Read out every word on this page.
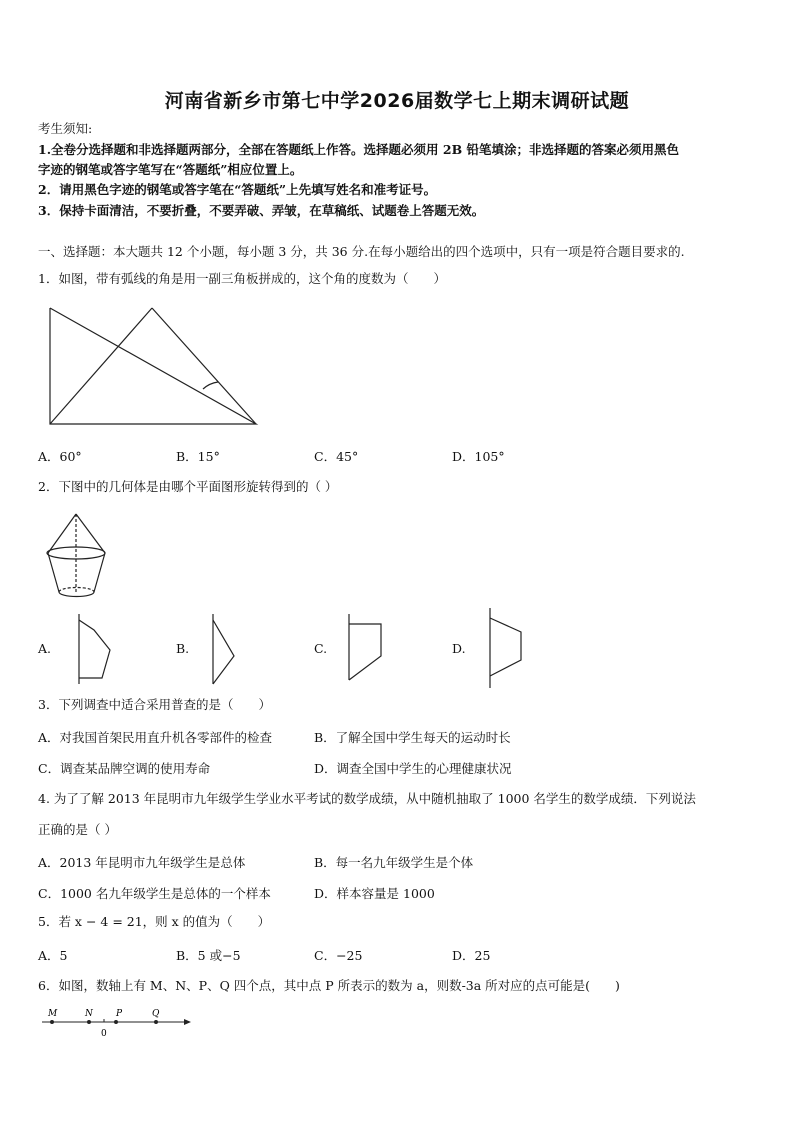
河南省新乡市第七中学2026届数学七上期末调研试题
考生须知:
1.全卷分选择题和非选择题两部分，全部在答题纸上作答。选择题必须用 2B 铅笔填涂；非选择题的答案必须用黑色
字迹的钢笔或答字笔写在“答题纸”相应位置上。
2．请用黑色字迹的钢笔或答字笔在“答题纸”上先填写姓名和准考证号。
3．保持卡面清洁，不要折叠，不要弄破、弄皱，在草稿纸、试题卷上答题无效。
一、选择题：本大题共 12 个小题，每小题 3 分，共 36 分.在每小题给出的四个选项中，只有一项是符合题目要求的.
1．如图，带有弧线的角是用一副三角板拼成的，这个角的度数为（　　）
A．60°	B．15°	C．45°	D．105°
2．下图中的几何体是由哪个平面图形旋转得到的（ ）
A.	B.	C.	D.
3．下列调查中适合采用普查的是（　　）
A．对我国首架民用直升机各零部件的检查	B．了解全国中学生每天的运动时长
C．调查某品牌空调的使用寿命	D．调查全国中学生的心理健康状况
4. 为了了解 2013 年昆明市九年级学生学业水平考试的数学成绩，从中随机抽取了 1000 名学生的数学成绩．下列说法
正确的是（ ）
A．2013 年昆明市九年级学生是总体	B．每一名九年级学生是个体
C．1000 名九年级学生是总体的一个样本	D．样本容量是 1000
5．若 x − 4 = 21，则 x 的值为（　　）
A．5	B．5 或−5	C．−25	D．25
6．如图，数轴上有 M、N、P、Q 四个点，其中点 P 所表示的数为 a，则数-3a 所对应的点可能是(　　)
M	N	P	Q
0
